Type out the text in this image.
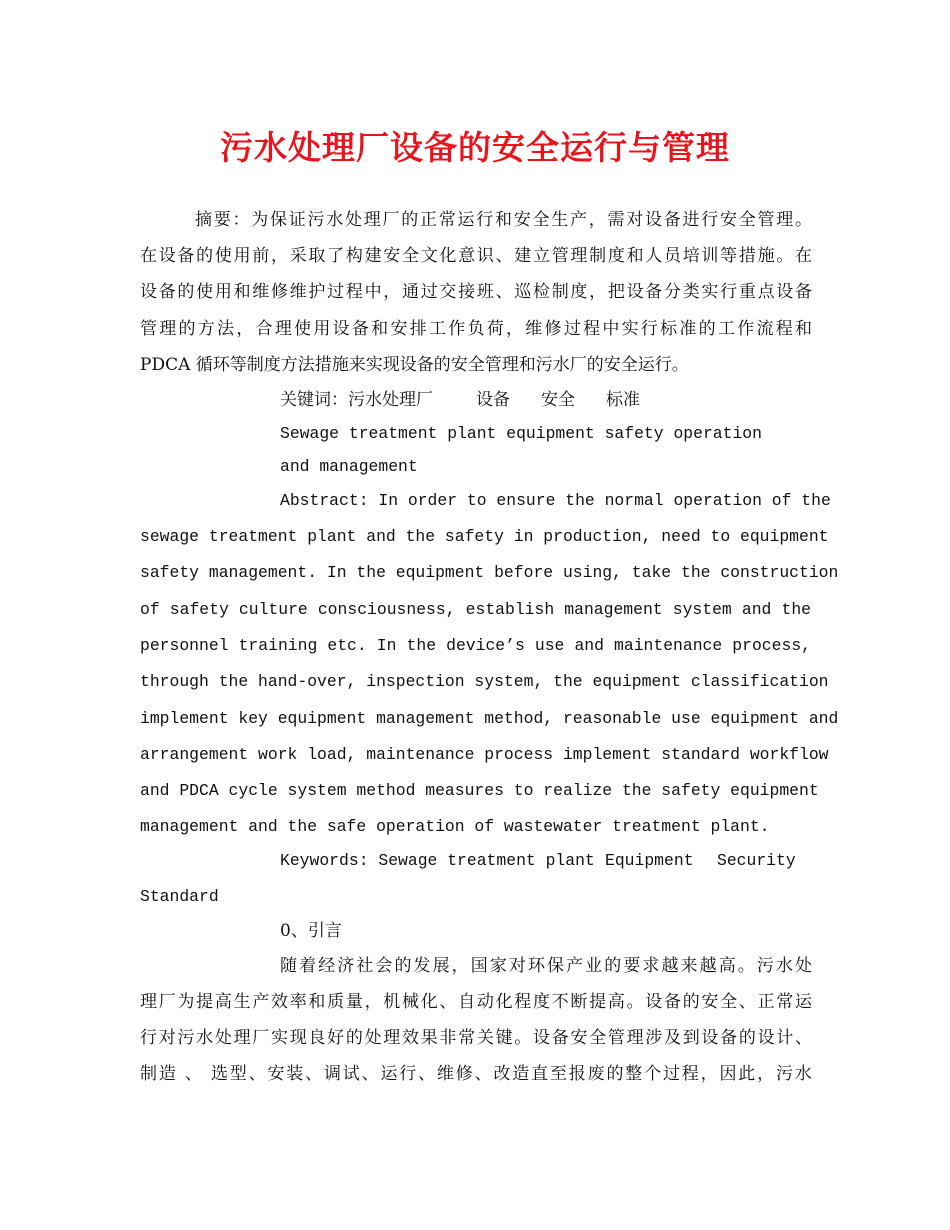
污水处理厂设备的安全运行与管理

摘要：为保证污水处理厂的正常运行和安全生产，需对设备进行安全管理。

在设备的使用前，采取了构建安全文化意识、建立管理制度和人员培训等措施。在

设备的使用和维修维护过程中，通过交接班、巡检制度，把设备分类实行重点设备

管理的方法，合理使用设备和安排工作负荷，维修过程中实行标准的工作流程和

PDCA 循环等制度方法措施来实现设备的安全管理和污水厂的安全运行。

关键词：污水处理厂	设备 安全 标准

Sewage treatment plant equipment safety operation

and management

Abstract: In order to ensure the normal operation of the

sewage treatment plant and the safety in production, need to equipment

safety management. In the equipment before using, take the construction

of safety culture consciousness, establish management system and the

personnel training etc. In the device’s use and maintenance process,

through the hand-over, inspection system, the equipment classification

implement key equipment management method, reasonable use equipment and

arrangement work load, maintenance process implement standard workflow

and PDCA cycle system method measures to realize the safety equipment

management and the safe operation of wastewater treatment plant.

Keywords: Sewage treatment plant Equipment Security
Standard

0、引言

随着经济社会的发展，国家对环保产业的要求越来越高。污水处

理厂为提高生产效率和质量，机械化、自动化程度不断提高。设备的安全、正常运

行对污水处理厂实现良好的处理效果非常关键。设备安全管理涉及到设备的设计、

制造 、 选型、安装、调试、运行、维修、改造直至报废的整个过程，因此，污水
